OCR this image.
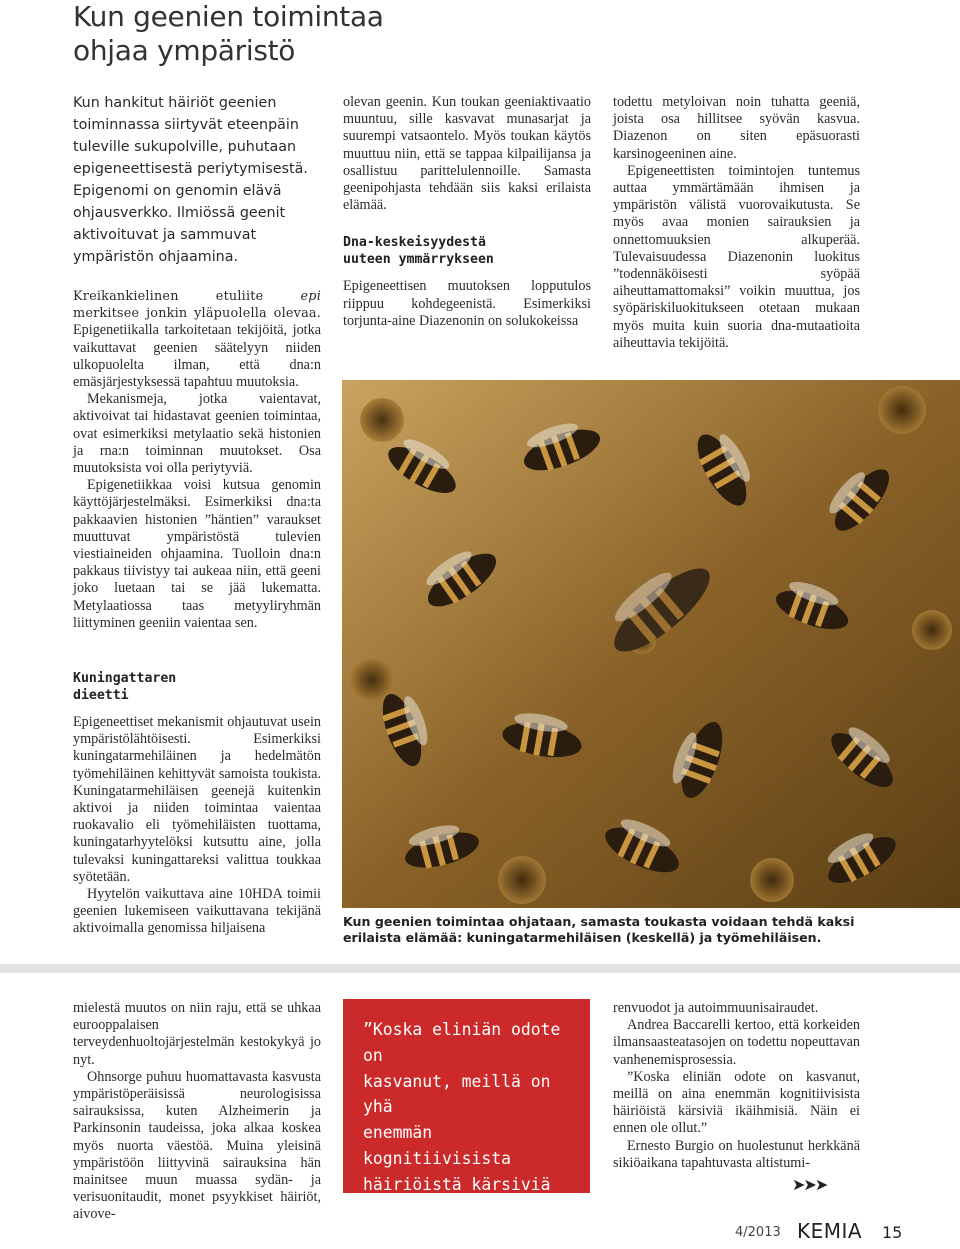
Kun geenien toimintaa
ohjaa ympäristö
Kun hankitut häiriöt geenien toiminnassa siirtyvät eteenpäin tuleville sukupolville, puhutaan epigeneettisestä periytymisestä. Epigenomi on genomin elävä ohjausverkko. Ilmiössä geenit aktivoituvat ja sammuvat ympäristön ohjaamina.

Kreikankielinen etuliite epi merkitsee jonkin yläpuolella olevaa. Epigenetiikalla tarkoitetaan tekijöitä, jotka vaikuttavat geenien säätelyyn niiden ulkopuolelta ilman, että dna:n emäsjärjestyksessä tapahtuu muutoksia.

Mekanismeja, jotka vaientavat, aktivoivat tai hidastavat geenien toimintaa, ovat esimerkiksi metylaatio sekä histonien ja rna:n toiminnan muutokset. Osa muutoksista voi olla periytyviä.

Epigenetiikkaa voisi kutsua genomin käyttöjärjestelmäksi. Esimerkiksi dna:ta pakkaavien histonien ”häntien” varaukset muuttuvat ympäristöstä tulevien viestiaineiden ohjaamina. Tuolloin dna:n pakkaus tiivistyy tai aukeaa niin, että geeni joko luetaan tai se jää lukematta. Metylaatiossa taas metyyliryhmän liittyminen geeniin vaientaa sen.

Kuningattaren dieetti

Epigeneettiset mekanismit ohjautuvat usein ympäristölähtöisesti. Esimerkiksi kuningatarmehiläinen ja hedelmätön työmehiläinen kehittyvät samoista toukista. Kuningatarmehiläisen geenejä kuitenkin aktivoi ja niiden toimintaa vaientaa ruokavalio eli työmehiläisten tuottama, kuningatarhyytelöksi kutsuttu aine, jolla tulevaksi kuningattareksi valittua toukkaa syötetään.

Hyytelön vaikuttava aine 10HDA toimii geenien lukemiseen vaikuttavana tekijänä aktivoimalla genomissa hiljaisena

olevan geenin. Kun toukan geeniaktivaatio muuntuu, sille kasvavat munasarjat ja suurempi vatsaontelo. Myös toukan käytös muuttuu niin, että se tappaa kilpailijansa ja osallistuu parittelulennoille. Samasta geenipohjasta tehdään siis kaksi erilaista elämää.

Dna-keskeisyydestä uuteen ymmärrykseen

Epigeneettisen muutoksen lopputulos riippuu kohdegeenistä. Esimerkiksi torjunta-aine Diazenonin on solukokeissa

todettu metyloivan noin tuhatta geeniä, joista osa hillitsee syövän kasvua. Diazenon on siten epäsuorasti karsinogeeninen aine.

Epigeneettisten toimintojen tuntemus auttaa ymmärtämään ihmisen ja ympäristön välistä vuorovaikutusta. Se myös avaa monien sairauksien ja onnettomuuksien alkuperää. Tulevaisuudessa Diazenonin luokitus ”todennäköisesti syöpää aiheuttamattomaksi” voikin muuttua, jos syöpäriskiluokitukseen otetaan mukaan myös muita kuin suoria dna-mutaatioita aiheuttavia tekijöitä.

Kun geenien toimintaa ohjataan, samasta toukasta voidaan tehdä kaksi erilaista elämää: kuningatarmehiläisen (keskellä) ja työmehiläisen.

mielestä muutos on niin raju, että se uhkaa eurooppalaisen terveydenhuoltojärjestelmän kestokykyä jo nyt.

Ohnsorge puhuu huomattavasta kasvusta ympäristöperäisissä neurologisissa sairauksissa, kuten Alzheimerin ja Parkinsonin taudeissa, joka alkaa koskea myös nuorta väestöä. Muina yleisinä ympäristöön liittyvinä sairauksina hän mainitsee muun muassa sydän- ja verisuonitaudit, monet psyykkiset häiriöt, aivove-

”Koska eliniän odote on
kasvanut, meillä on yhä
enemmän kognitiivisista
häiriöistä kärsiviä
ikäihmisiä. Näin ei
ennen ole ollut.”

renvuodot ja autoimmuunisairaudet.

Andrea Baccarelli kertoo, että korkeiden ilmansaasteatasojen on todettu nopeuttavan vanhenemisprosessia.

”Koska eliniän odote on kasvanut, meillä on aina enemmän kognitiivisista häiriöistä kärsiviä ikäihmisiä. Näin ei ennen ole ollut.”

Ernesto Burgio on huolestunut herkkänä sikiöaikana tapahtuvasta altistumi-

➤➤➤
4/2013 KEMIA 15
